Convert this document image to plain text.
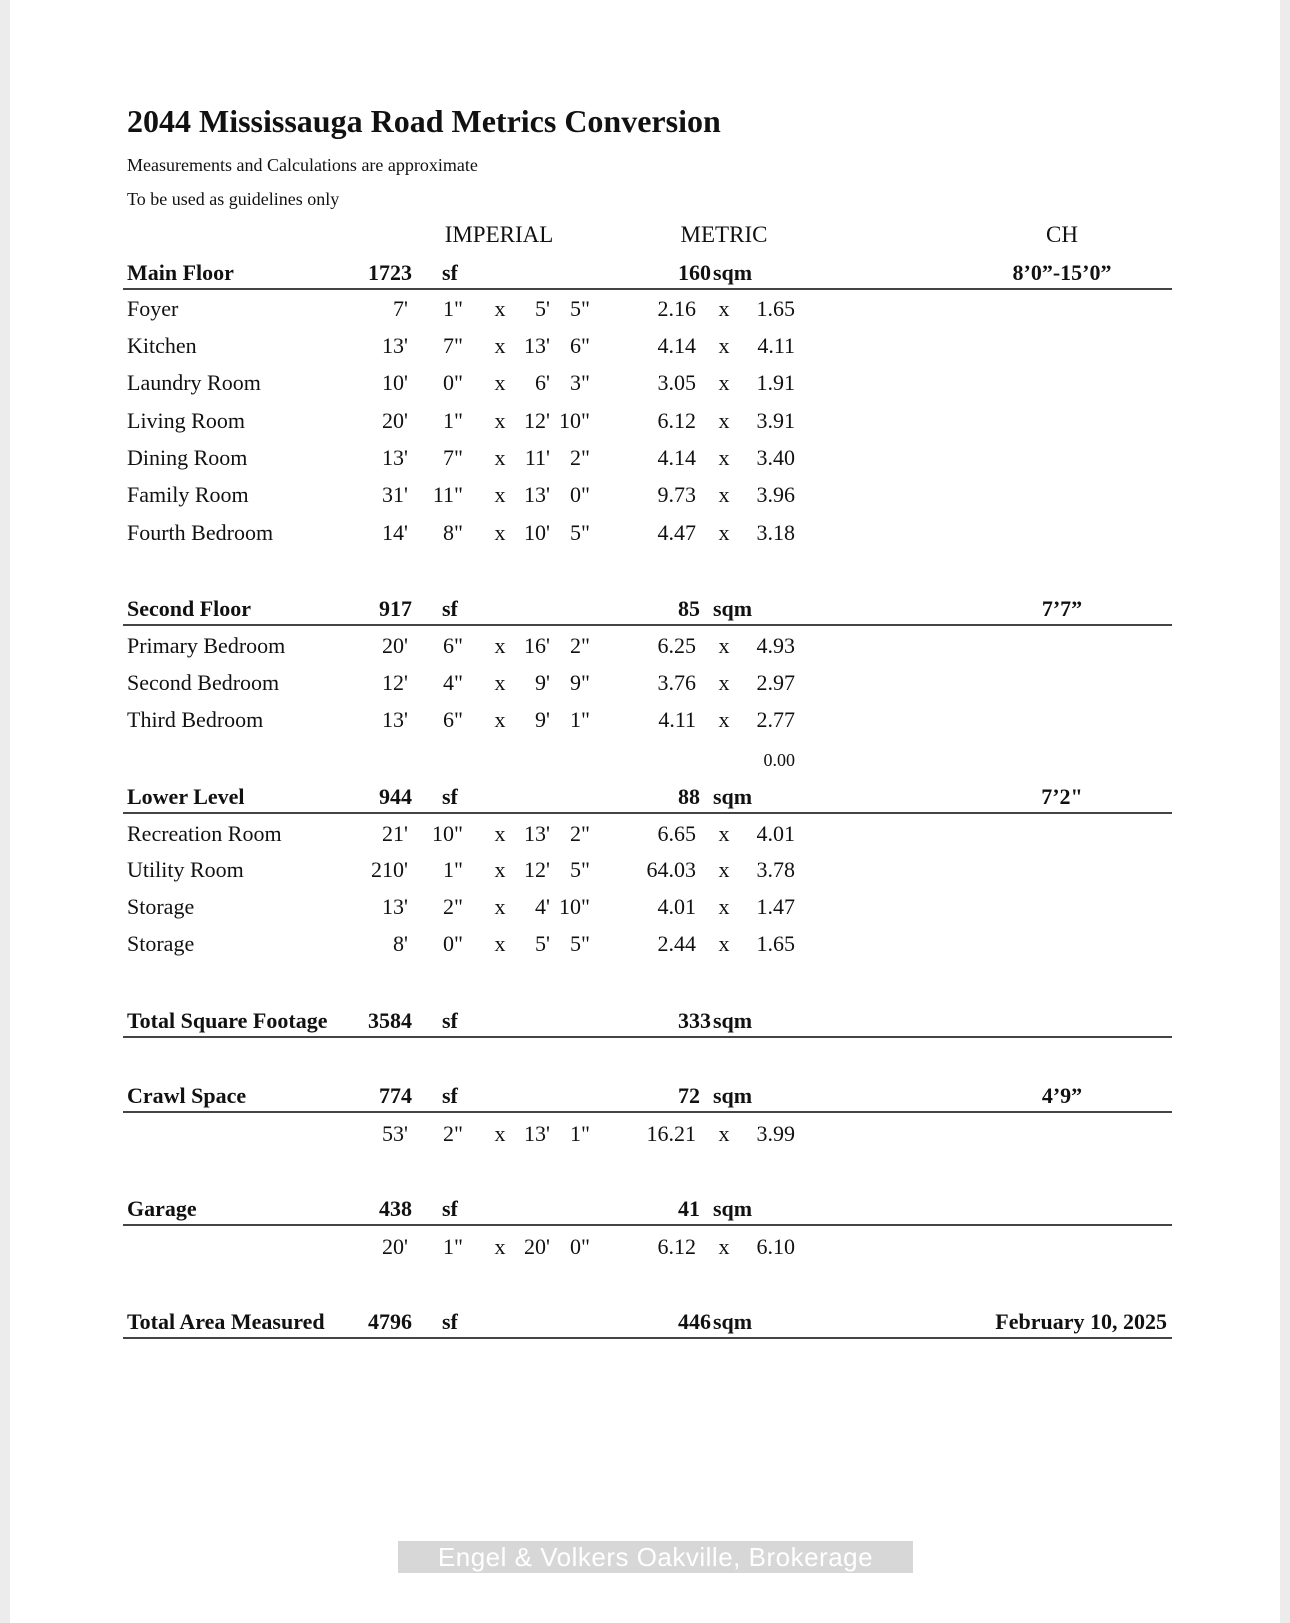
2044 Mississauga Road Metrics Conversion
Measurements and Calculations are approximate
To be used as guidelines only
IMPERIAL	METRIC	CH
Main Floor	1723 sf	160 sqm	8’0”-15’0”
Foyer	7' 1" x 5' 5"	2.16 x 1.65
Kitchen	13' 7" x 13' 6"	4.14 x 4.11
Laundry Room	10' 0" x 6' 3"	3.05 x 1.91
Living Room	20' 1" x 12' 10"	6.12 x 3.91
Dining Room	13' 7" x 11' 2"	4.14 x 3.40
Family Room	31' 11" x 13' 0"	9.73 x 3.96
Fourth Bedroom	14' 8" x 10' 5"	4.47 x 3.18
Second Floor	917 sf	85 sqm	7’7”
Primary Bedroom	20' 6" x 16' 2"	6.25 x 4.93
Second Bedroom	12' 4" x 9' 9"	3.76 x 2.97
Third Bedroom	13' 6" x 9' 1"	4.11 x 2.77
0.00
Lower Level	944 sf	88 sqm	7’2"
Recreation Room	21' 10" x 13' 2"	6.65 x 4.01
Utility Room	210' 1" x 12' 5"	64.03 x 3.78
Storage	13' 2" x 4' 10"	4.01 x 1.47
Storage	8' 0" x 5' 5"	2.44 x 1.65
Total Square Footage 3584 sf	333 sqm
Crawl Space	774 sf	72 sqm	4’9”
53' 2" x 13' 1"	16.21 x 3.99
Garage	438 sf	41 sqm
20' 1" x 20' 0"	6.12 x 6.10
Total Area Measured 4796 sf	446 sqm	February 10, 2025
Engel & Volkers Oakville, Brokerage
